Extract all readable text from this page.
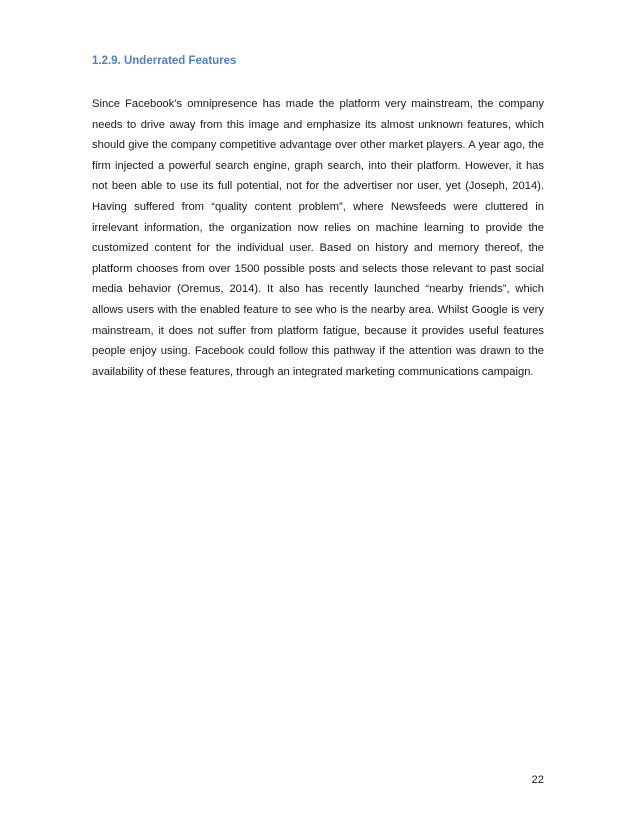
1.2.9. Underrated Features

Since Facebook’s omnipresence has made the platform very mainstream, the company needs to drive away from this image and emphasize its almost unknown features, which should give the company competitive advantage over other market players. A year ago, the firm injected a powerful search engine, graph search, into their platform. However, it has not been able to use its full potential, not for the advertiser nor user, yet (Joseph, 2014). Having suffered from “quality content problem”, where Newsfeeds were cluttered in irrelevant information, the organization now relies on machine learning to provide the customized content for the individual user. Based on history and memory thereof, the platform chooses from over 1500 possible posts and selects those relevant to past social media behavior (Oremus, 2014). It also has recently launched “nearby friends”, which allows users with the enabled feature to see who is the nearby area. Whilst Google is very mainstream, it does not suffer from platform fatigue, because it provides useful features people enjoy using. Facebook could follow this pathway if the attention was drawn to the availability of these features, through an integrated marketing communications campaign.

22
